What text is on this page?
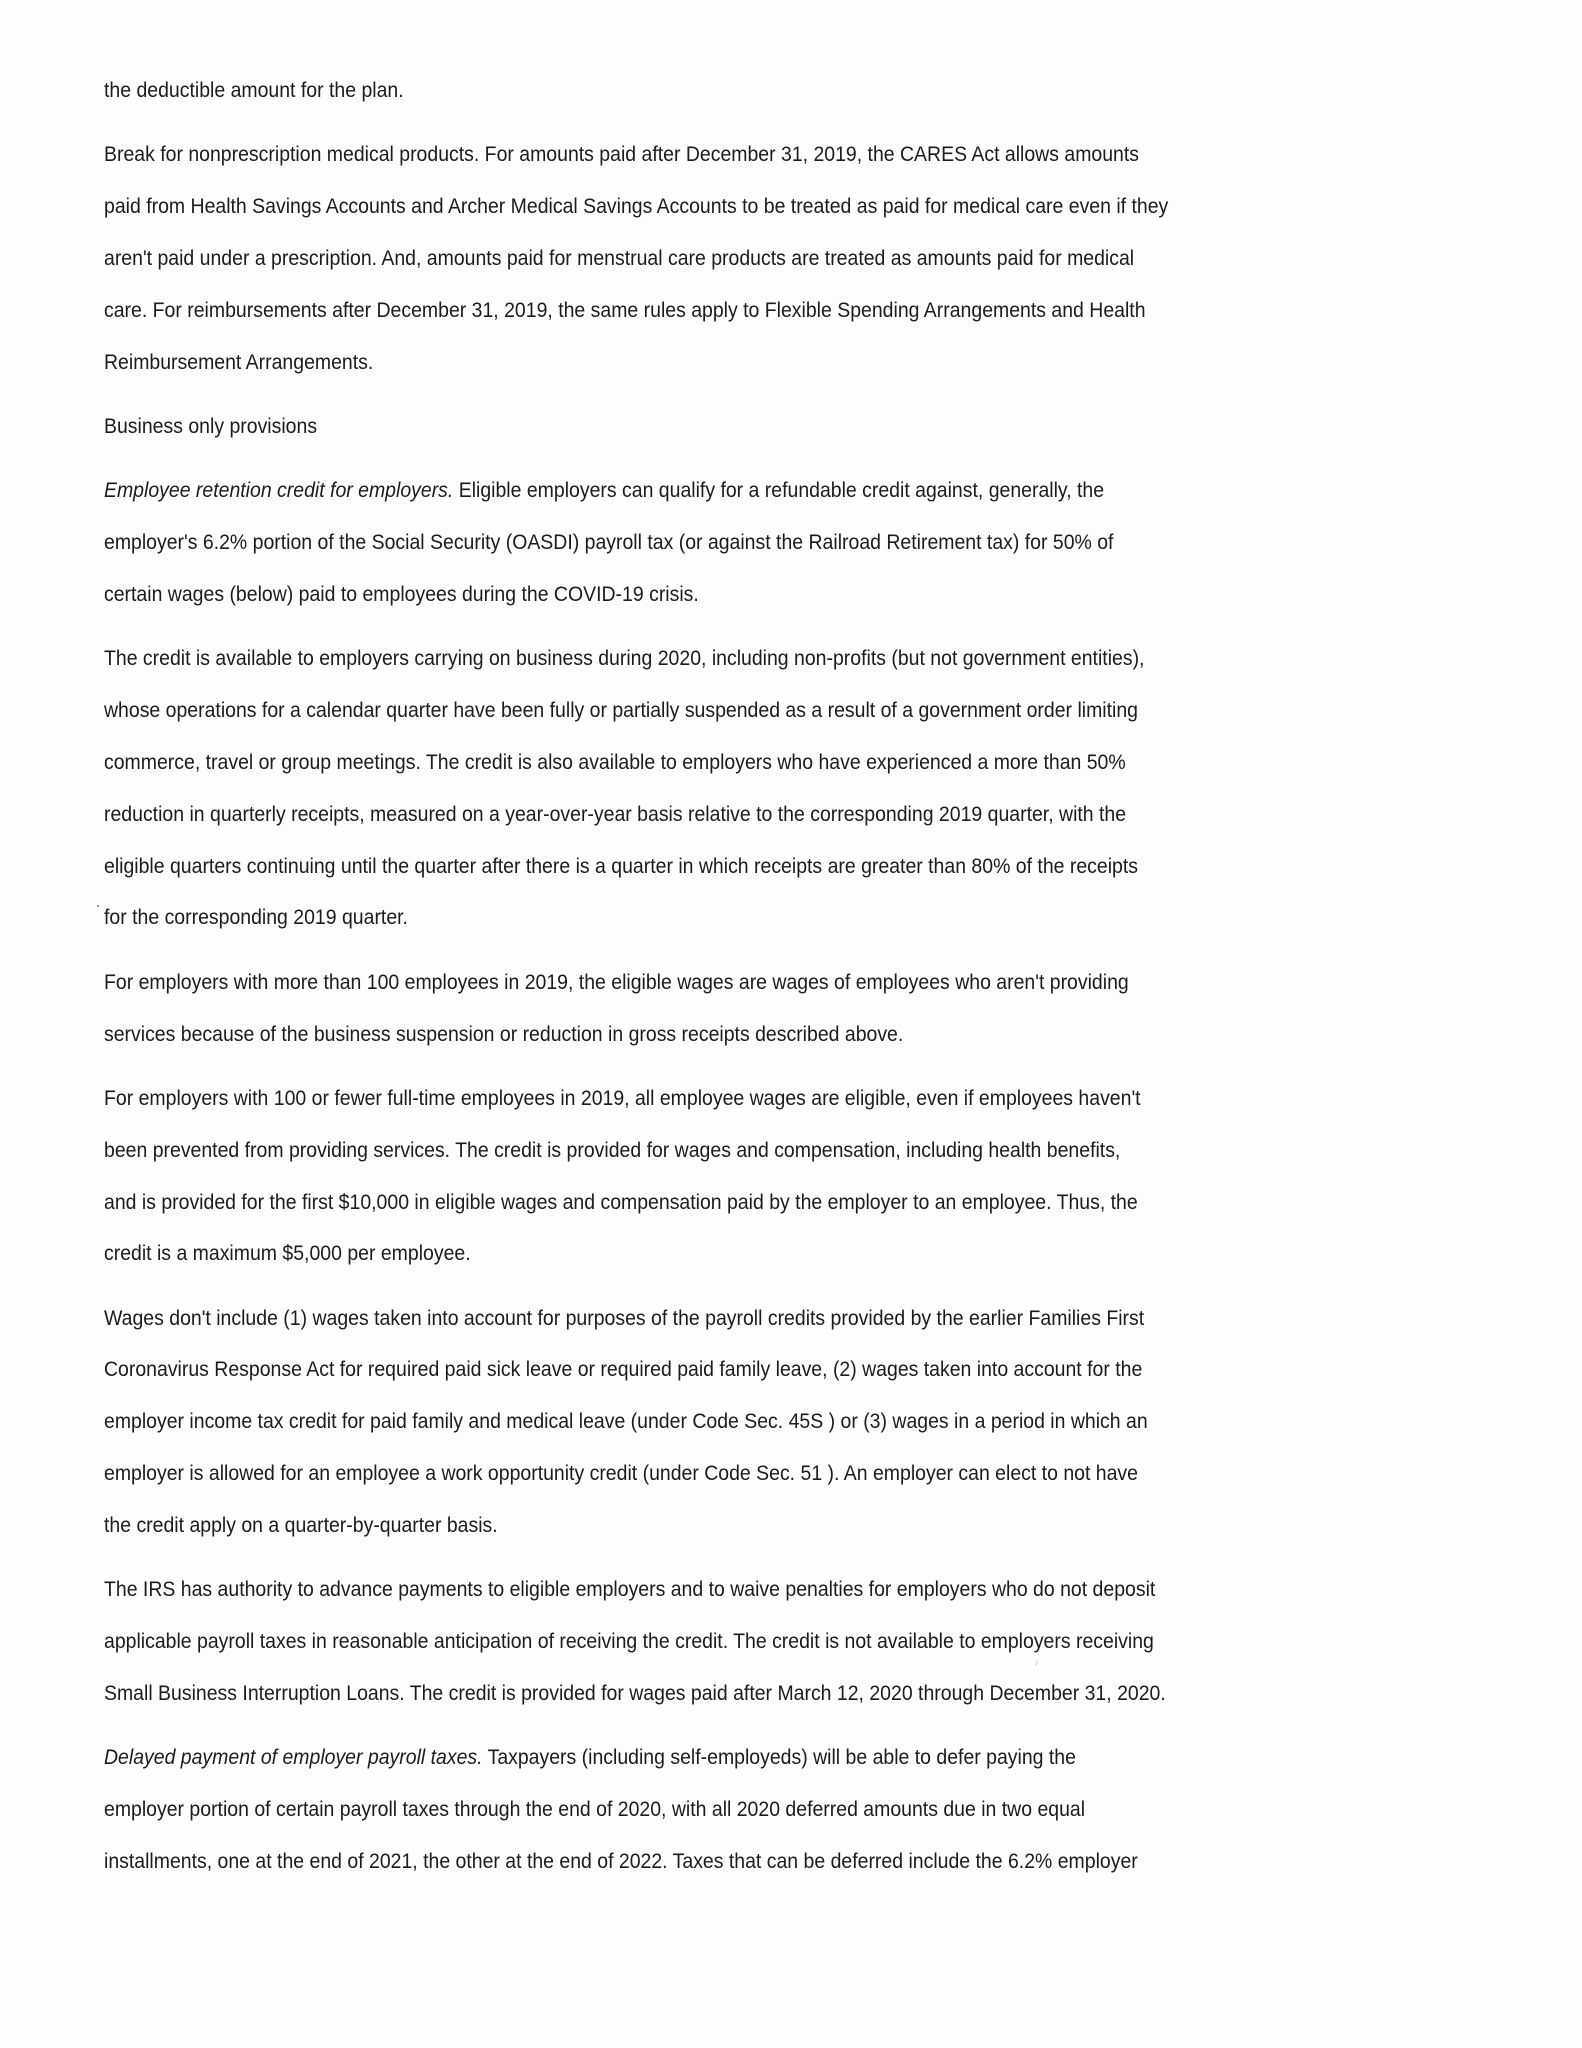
the deductible amount for the plan.

Break for nonprescription medical products. For amounts paid after December 31, 2019, the CARES Act allows amounts
paid from Health Savings Accounts and Archer Medical Savings Accounts to be treated as paid for medical care even if they
aren't paid under a prescription. And, amounts paid for menstrual care products are treated as amounts paid for medical
care. For reimbursements after December 31, 2019, the same rules apply to Flexible Spending Arrangements and Health
Reimbursement Arrangements.

Business only provisions

Employee retention credit for employers. Eligible employers can qualify for a refundable credit against, generally, the
employer's 6.2% portion of the Social Security (OASDI) payroll tax (or against the Railroad Retirement tax) for 50% of
certain wages (below) paid to employees during the COVID-19 crisis.

The credit is available to employers carrying on business during 2020, including non-profits (but not government entities),
whose operations for a calendar quarter have been fully or partially suspended as a result of a government order limiting
commerce, travel or group meetings. The credit is also available to employers who have experienced a more than 50%
reduction in quarterly receipts, measured on a year-over-year basis relative to the corresponding 2019 quarter, with the
eligible quarters continuing until the quarter after there is a quarter in which receipts are greater than 80% of the receipts
for the corresponding 2019 quarter.

For employers with more than 100 employees in 2019, the eligible wages are wages of employees who aren't providing
services because of the business suspension or reduction in gross receipts described above.

For employers with 100 or fewer full-time employees in 2019, all employee wages are eligible, even if employees haven't
been prevented from providing services. The credit is provided for wages and compensation, including health benefits,
and is provided for the first $10,000 in eligible wages and compensation paid by the employer to an employee. Thus, the
credit is a maximum $5,000 per employee.

Wages don't include (1) wages taken into account for purposes of the payroll credits provided by the earlier Families First
Coronavirus Response Act for required paid sick leave or required paid family leave, (2) wages taken into account for the
employer income tax credit for paid family and medical leave (under Code Sec. 45S ) or (3) wages in a period in which an
employer is allowed for an employee a work opportunity credit (under Code Sec. 51 ). An employer can elect to not have
the credit apply on a quarter-by-quarter basis.

The IRS has authority to advance payments to eligible employers and to waive penalties for employers who do not deposit
applicable payroll taxes in reasonable anticipation of receiving the credit. The credit is not available to employers receiving
Small Business Interruption Loans. The credit is provided for wages paid after March 12, 2020 through December 31, 2020.

Delayed payment of employer payroll taxes. Taxpayers (including self-employeds) will be able to defer paying the
employer portion of certain payroll taxes through the end of 2020, with all 2020 deferred amounts due in two equal
installments, one at the end of 2021, the other at the end of 2022. Taxes that can be deferred include the 6.2% employer
